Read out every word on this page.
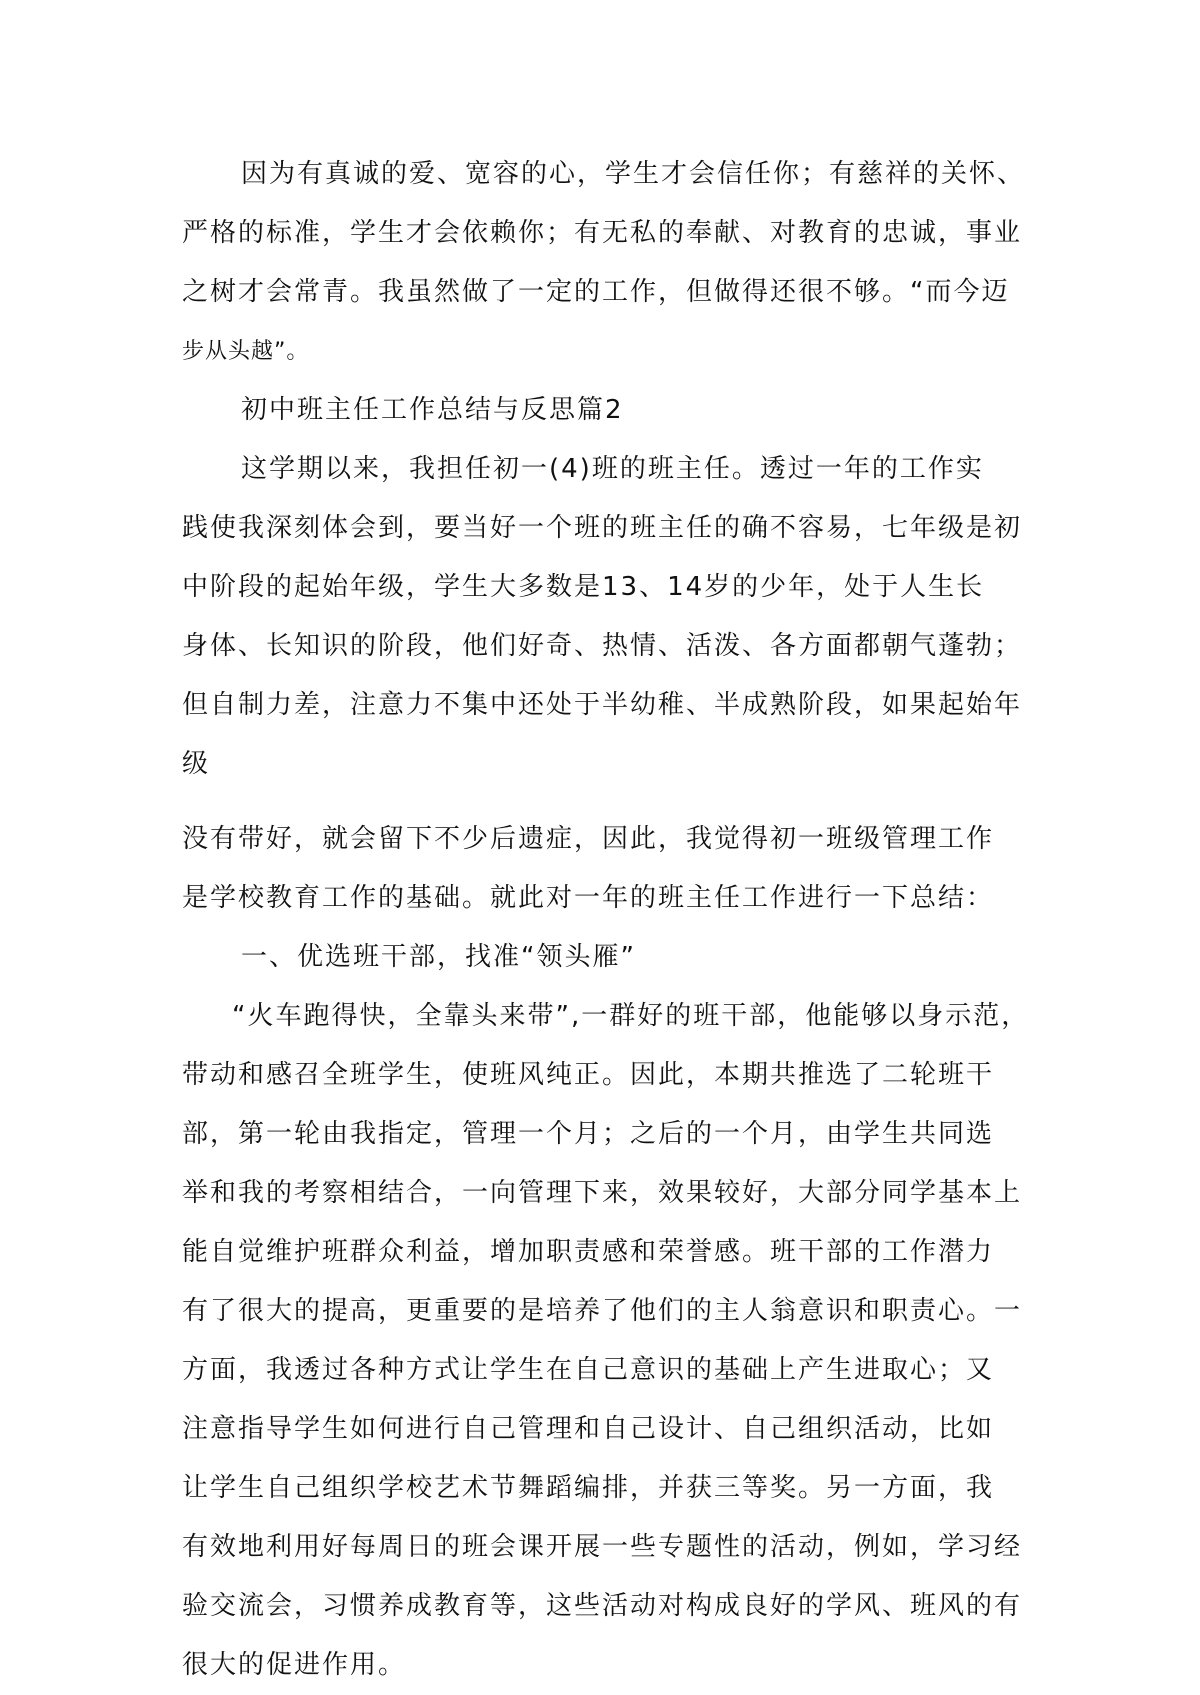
因为有真诚的爱、宽容的心，学生才会信任你；有慈祥的关怀、
严格的标准，学生才会依赖你；有无私的奉献、对教育的忠诚，事业
之树才会常青。我虽然做了一定的工作，但做得还很不够。“而今迈
步从头越”。
初中班主任工作总结与反思篇2
这学期以来，我担任初一(4)班的班主任。透过一年的工作实
践使我深刻体会到，要当好一个班的班主任的确不容易，七年级是初
中阶段的起始年级，学生大多数是13、14岁的少年，处于人生长
身体、长知识的阶段，他们好奇、热情、活泼、各方面都朝气蓬勃；
但自制力差，注意力不集中还处于半幼稚、半成熟阶段，如果起始年
级
没有带好，就会留下不少后遗症，因此，我觉得初一班级管理工作
是学校教育工作的基础。就此对一年的班主任工作进行一下总结：
一、优选班干部，找准“领头雁”
“火车跑得快，全靠头来带”,一群好的班干部，他能够以身示范，
带动和感召全班学生，使班风纯正。因此，本期共推选了二轮班干
部，第一轮由我指定，管理一个月；之后的一个月，由学生共同选
举和我的考察相结合，一向管理下来，效果较好，大部分同学基本上
能自觉维护班群众利益，增加职责感和荣誉感。班干部的工作潜力
有了很大的提高，更重要的是培养了他们的主人翁意识和职责心。一
方面，我透过各种方式让学生在自己意识的基础上产生进取心；又
注意指导学生如何进行自己管理和自己设计、自己组织活动，比如
让学生自己组织学校艺术节舞蹈编排，并获三等奖。另一方面，我
有效地利用好每周日的班会课开展一些专题性的活动，例如，学习经
验交流会，习惯养成教育等，这些活动对构成良好的学风、班风的有
很大的促进作用。
